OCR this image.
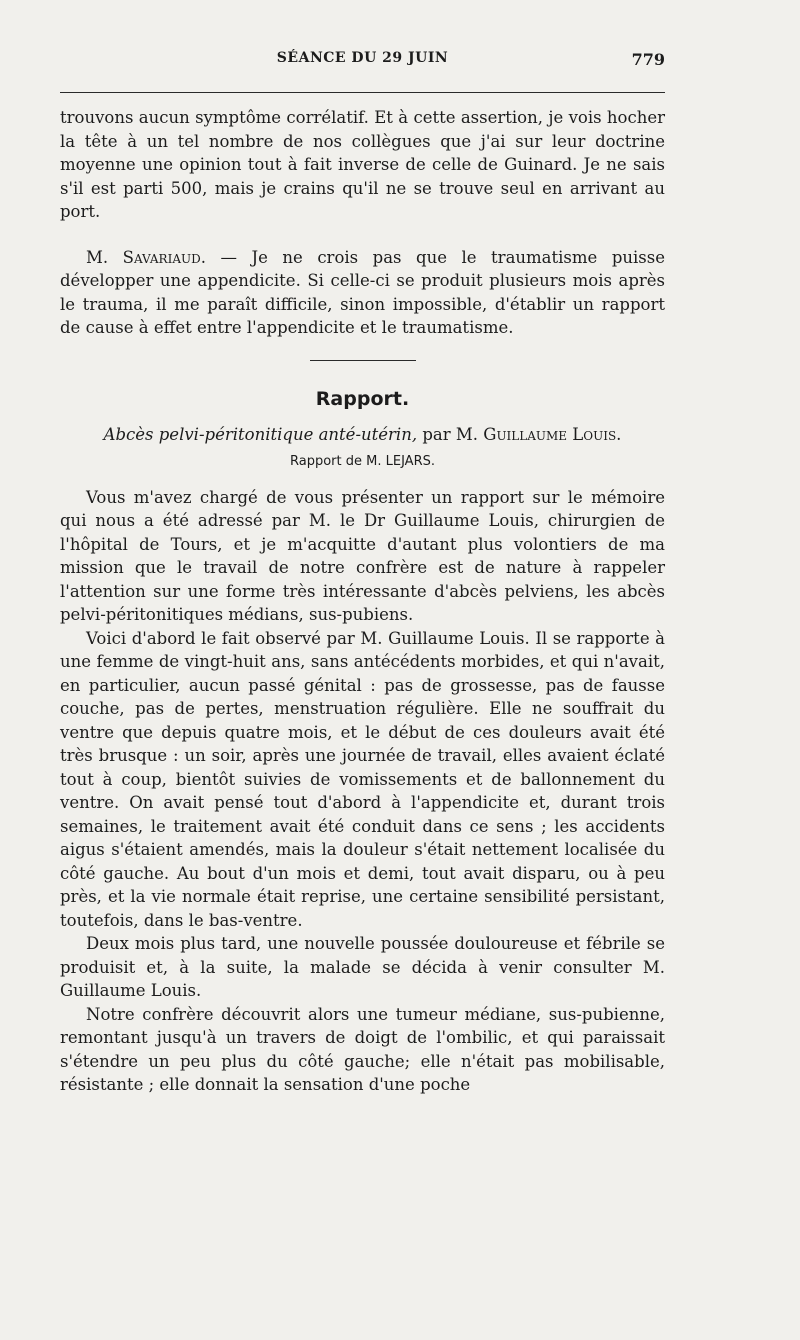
SÉANCE DU 29 JUIN	779

trouvons aucun symptôme corrélatif. Et à cette assertion, je vois hocher la tête à un tel nombre de nos collègues que j'ai sur leur doctrine moyenne une opinion tout à fait inverse de celle de Guinard. Je ne sais s'il est parti 500, mais je crains qu'il ne se trouve seul en arrivant au port.

M. Savariaud. — Je ne crois pas que le traumatisme puisse développer une appendicite. Si celle-ci se produit plusieurs mois après le trauma, il me paraît difficile, sinon impossible, d'établir un rapport de cause à effet entre l'appendicite et le traumatisme.

Rapport.
Abcès pelvi-péritonitique anté-utérin, par M. Guillaume Louis.
Rapport de M. LEJARS.

Vous m'avez chargé de vous présenter un rapport sur le mémoire qui nous a été adressé par M. le Dr Guillaume Louis, chirurgien de l'hôpital de Tours, et je m'acquitte d'autant plus volontiers de ma mission que le travail de notre confrère est de nature à rappeler l'attention sur une forme très intéressante d'abcès pelviens, les abcès pelvi-péritonitiques médians, sus-pubiens.

Voici d'abord le fait observé par M. Guillaume Louis. Il se rapporte à une femme de vingt-huit ans, sans antécédents morbides, et qui n'avait, en particulier, aucun passé génital : pas de grossesse, pas de fausse couche, pas de pertes, menstruation régulière. Elle ne souffrait du ventre que depuis quatre mois, et le début de ces douleurs avait été très brusque : un soir, après une journée de travail, elles avaient éclaté tout à coup, bientôt suivies de vomissements et de ballonnement du ventre. On avait pensé tout d'abord à l'appendicite et, durant trois semaines, le traitement avait été conduit dans ce sens ; les accidents aigus s'étaient amendés, mais la douleur s'était nettement localisée du côté gauche. Au bout d'un mois et demi, tout avait disparu, ou à peu près, et la vie normale était reprise, une certaine sensibilité persistant, toutefois, dans le bas-ventre.

Deux mois plus tard, une nouvelle poussée douloureuse et fébrile se produisit et, à la suite, la malade se décida à venir consulter M. Guillaume Louis.

Notre confrère découvrit alors une tumeur médiane, sus-pubienne, remontant jusqu'à un travers de doigt de l'ombilic, et qui paraissait s'étendre un peu plus du côté gauche; elle n'était pas mobilisable, résistante ; elle donnait la sensation d'une poche
